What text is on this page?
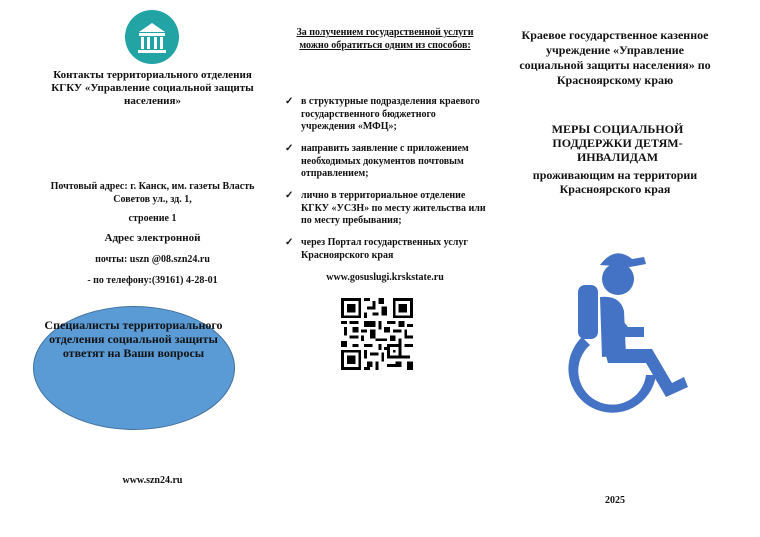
Контакты территориального отделения КГКУ «Управление социальной защиты населения»
Почтовый адрес: г. Канск, им. газеты Власть Советов ул., зд. 1,
строение 1
Адрес электронной
почты: uszn @08.szn24.ru
- по телефону:(39161) 4-28-01
Специалисты территориального отделения социальной защиты ответят на Ваши вопросы
www.szn24.ru
За получением государственной услуги можно обратиться одним из способов:
✓ в структурные подразделения краевого государственного бюджетного учреждения «МФЦ»;
✓ направить заявление с приложением необходимых документов почтовым отправлением;
✓ лично в территориальное отделение КГКУ «УСЗН» по месту жительства или по месту пребывания;
✓ через Портал государственных услуг Красноярского края
www.gosuslugi.krskstate.ru
Краевое государственное казенное учреждение «Управление социальной защиты населения» по Красноярскому краю
МЕРЫ СОЦИАЛЬНОЙ ПОДДЕРЖКИ ДЕТЯМ-ИНВАЛИДАМ
проживающим на территории Красноярского края
2025
